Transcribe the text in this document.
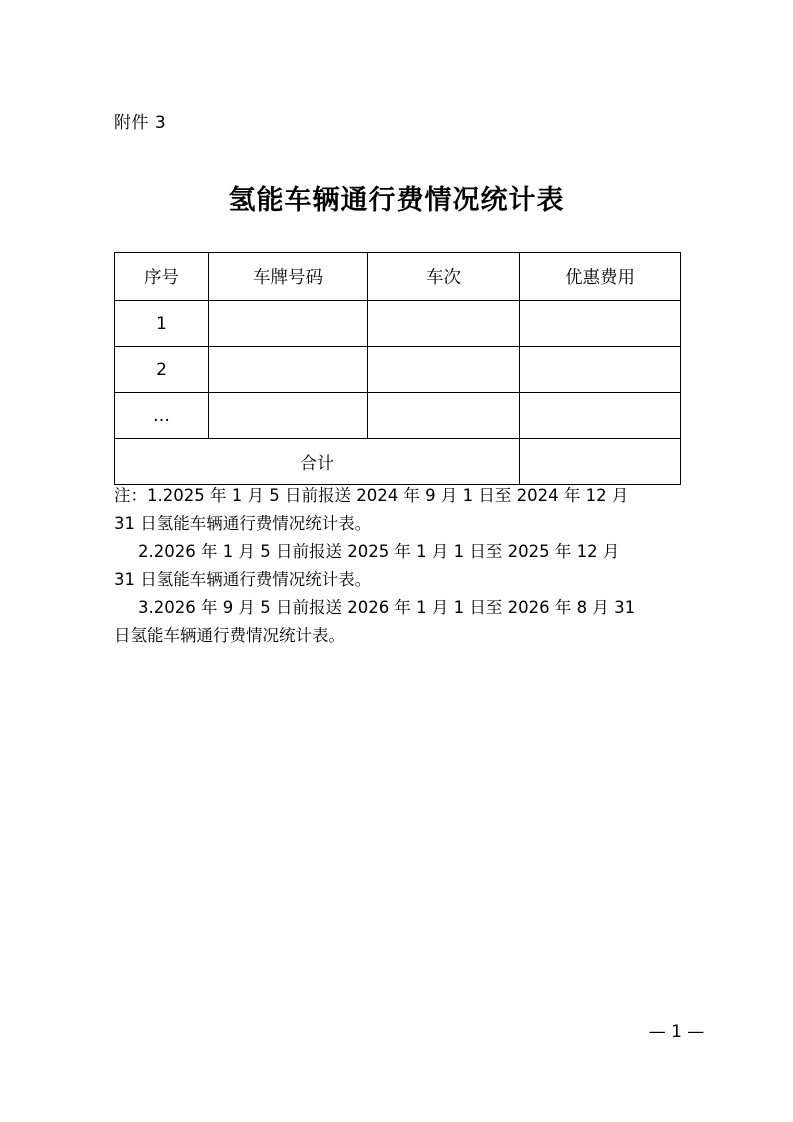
附件 3
氢能车辆通行费情况统计表
序号	车牌号码	车次	优惠费用
1			
2			
…			
合计			
注：1.2025 年 1 月 5 日前报送 2024 年 9 月 1 日至 2024 年 12 月
31 日氢能车辆通行费情况统计表。
2.2026 年 1 月 5 日前报送 2025 年 1 月 1 日至 2025 年 12 月
31 日氢能车辆通行费情况统计表。
3.2026 年 9 月 5 日前报送 2026 年 1 月 1 日至 2026 年 8 月 31
日氢能车辆通行费情况统计表。
— 1 —
